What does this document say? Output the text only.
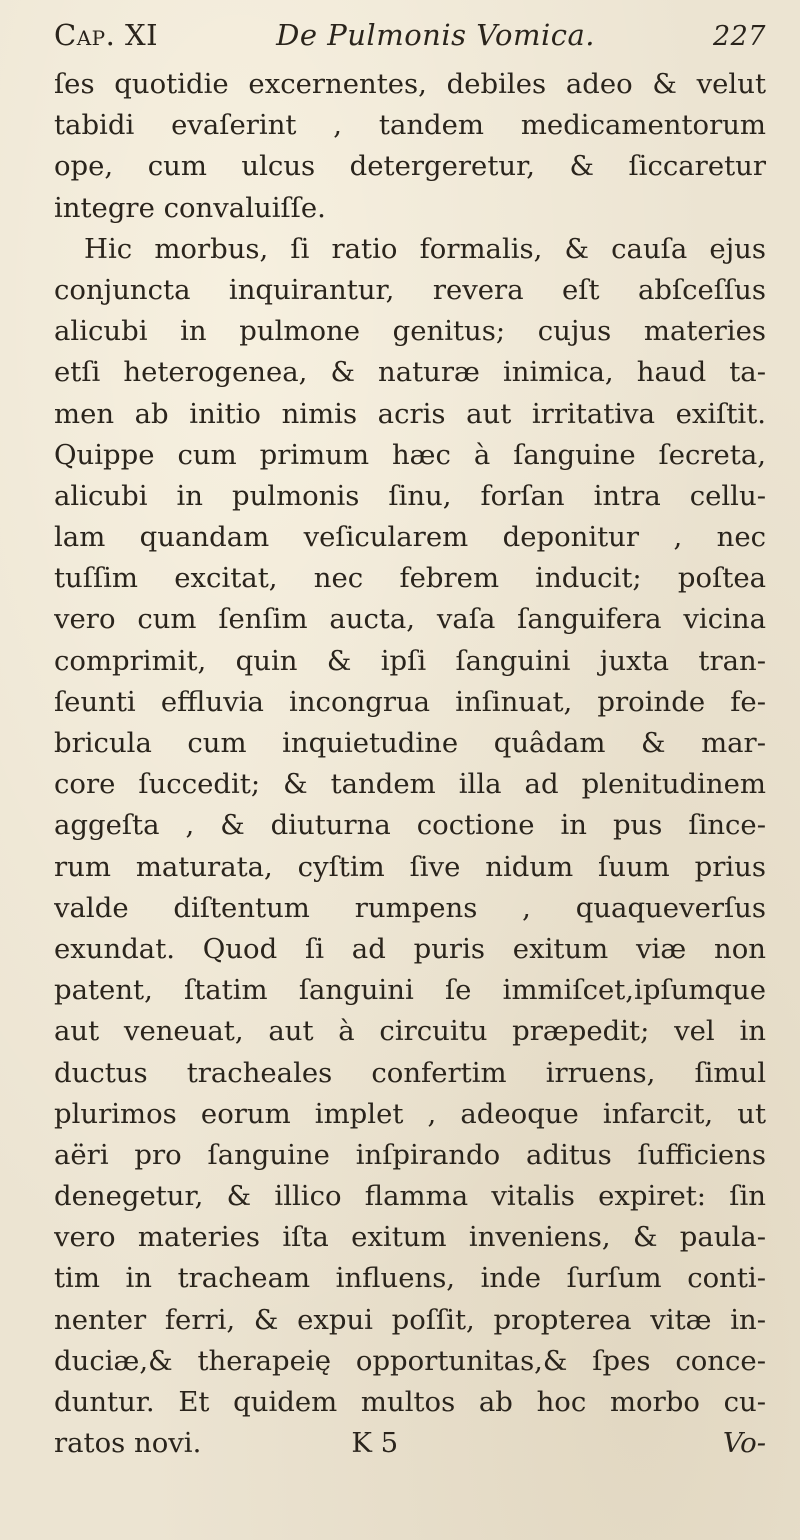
Cap. XI	De Pulmonis Vomica.	227
ſes quotidie excernentes, debiles adeo & velut
tabidi evaſerint , tandem medicamentorum
ope, cum ulcus detergeretur, & ſiccaretur
integre convaluiſſe.
Hic morbus, ſi ratio formalis, & cauſa ejus
conjuncta inquirantur, revera eſt abſceſſus
alicubi in pulmone genitus; cujus materies
etſi heterogenea, & naturæ inimica, haud ta-
men ab initio nimis acris aut irritativa exiſtit.
Quippe cum primum hæc à ſanguine ſecreta,
alicubi in pulmonis ſinu, forſan intra cellu-
lam quandam veſicularem deponitur , nec
tuſſim excitat, nec febrem inducit; poſtea
vero cum ſenſim aucta, vaſa ſanguifera vicina
comprimit, quin & ipſi ſanguini juxta tran-
ſeunti effluvia incongrua inſinuat, proinde fe-
bricula cum inquietudine quâdam & mar-
core ſuccedit; & tandem illa ad plenitudinem
aggeſta , & diuturna coctione in pus ſince-
rum maturata, cyſtim ſive nidum ſuum prius
valde diſtentum rumpens , quaqueverſus
exundat. Quod ſi ad puris exitum viæ non
patent, ſtatim ſanguini ſe immiſcet,ipſumque
aut veneuat, aut à circuitu præpedit; vel in
ductus tracheales confertim irruens, ſimul
plurimos eorum implet , adeoque infarcit, ut
aëri pro ſanguine inſpirando aditus ſufficiens
denegetur, & illico flamma vitalis expiret: ſin
vero materies iſta exitum inveniens, & paula-
tim in tracheam influens, inde ſurſum conti-
nenter ferri, & expui poſſit, propterea vitæ in-
duciæ,& therapeię opportunitas,& ſpes conce-
duntur. Et quidem multos ab hoc morbo cu-
ratos novi.	K 5	Vo-
